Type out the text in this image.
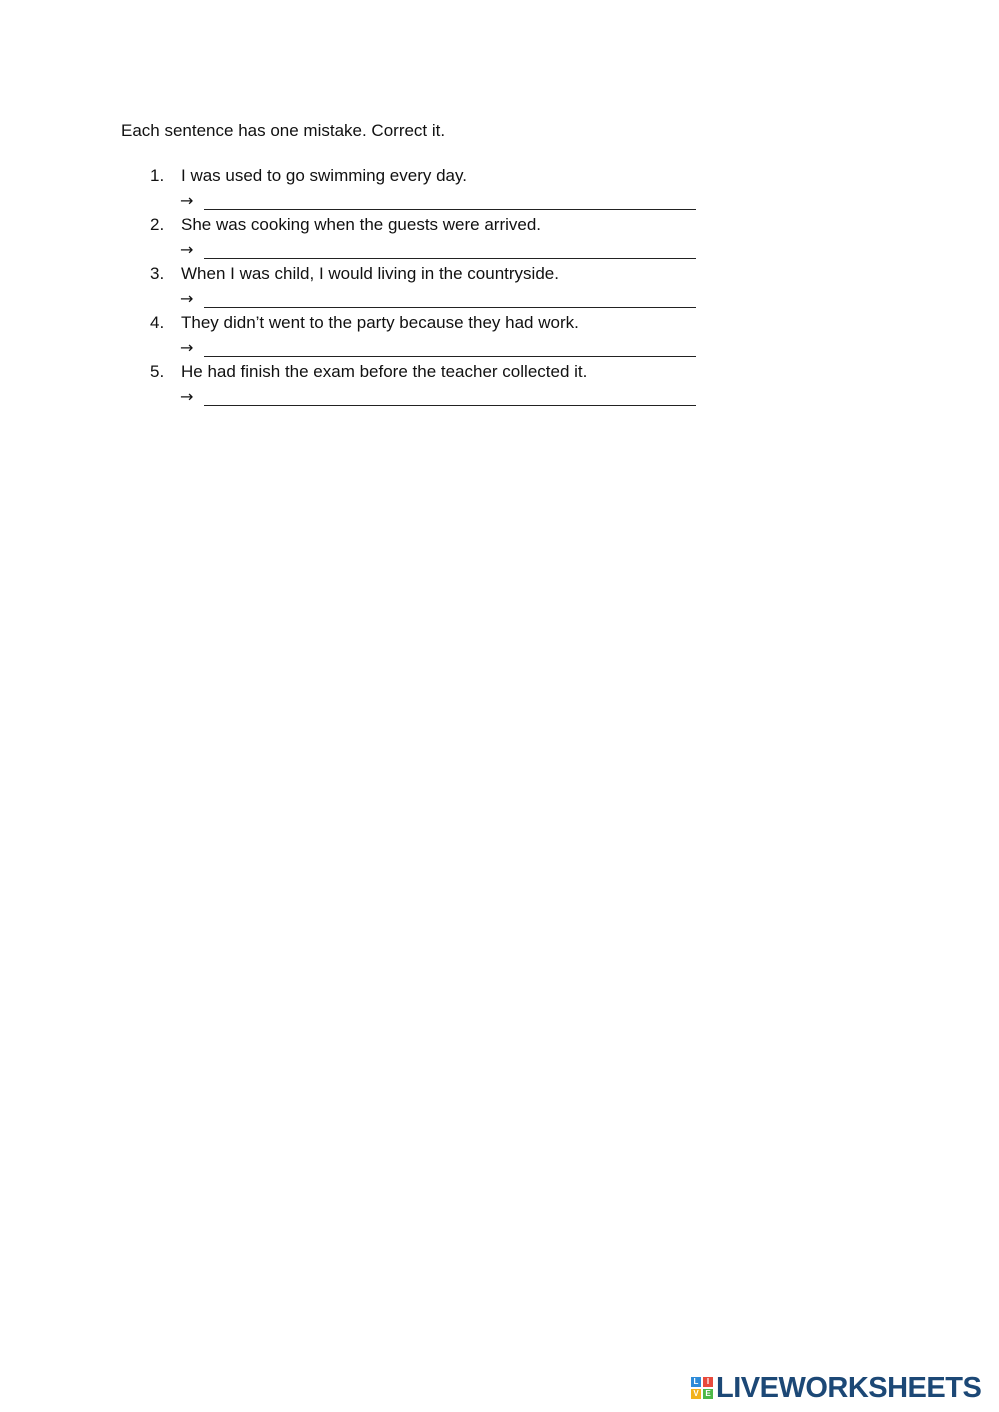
Each sentence has one mistake. Correct it.

1. I was used to go swimming every day.
→
2. She was cooking when the guests were arrived.
→
3. When I was child, I would living in the countryside.
→
4. They didn’t went to the party because they had work.
→
5. He had finish the exam before the teacher collected it.
→
L	I
V E LIVEWORKSHEETS
